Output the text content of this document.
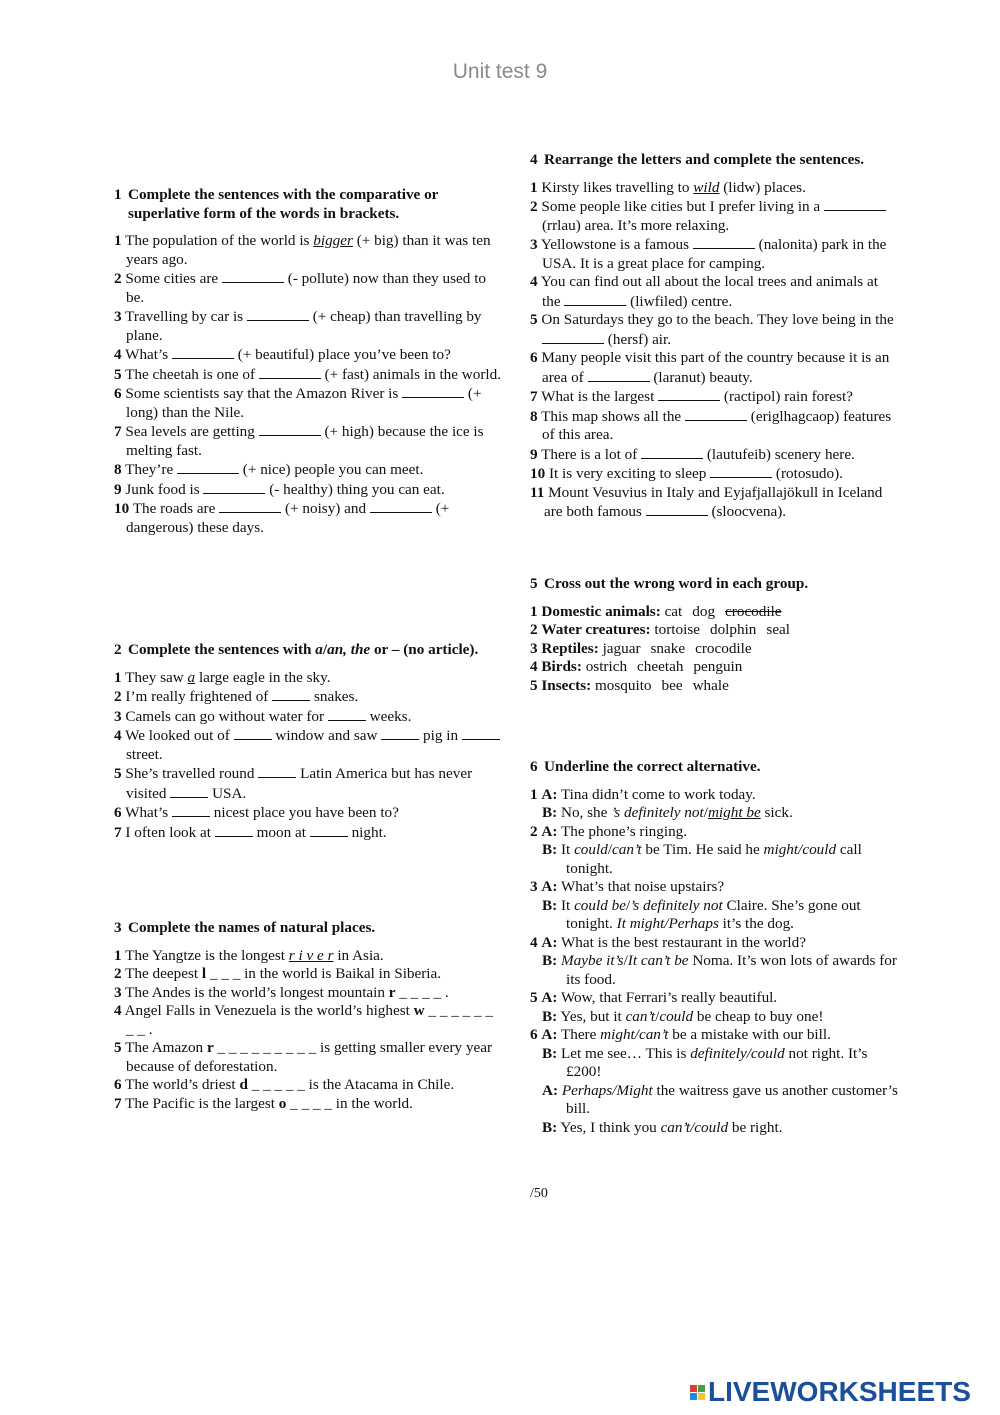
Unit test 9
1 Complete the sentences with the comparative or superlative form of the words in brackets.
1 The population of the world is bigger (+ big) than it was ten years ago.
2 Some cities are	(- pollute) now than they used to be.
3 Travelling by car is	(+ cheap) than travelling by plane.
4 What’s	(+ beautiful) place you’ve been to?
5 The cheetah is one of	(+ fast) animals in the world.
6 Some scientists say that the Amazon River is	(+ long) than the Nile.
7 Sea levels are getting	(+ high) because the ice is melting fast.
8 They’re	(+ nice) people you can meet.
9 Junk food is	(- healthy) thing you can eat.
10 The roads are	(+ noisy) and	(+ dangerous) these days.
2 Complete the sentences with a/an, the or – (no article).
1 They saw a large eagle in the sky.
2 I’m really frightened of	snakes.
3 Camels can go without water for	weeks.
4 We looked out of	window and saw	pig in  street.
5 She’s travelled round	Latin America but has never visited	USA.
6 What’s	nicest place you have been to?
7 I often look at	moon at	night.
3 Complete the names of natural places.
1 The Yangtze is the longest r i v e r in Asia.
2 The deepest l _ _ _ in the world is Baikal in Siberia.
3 The Andes is the world’s longest mountain r _ _ _ _ .
4 Angel Falls in Venezuela is the world’s highest w _ _ _ _ _ _ _ _ .
5 The Amazon r _ _ _ _ _ _ _ _ _ is getting smaller every year because of deforestation.
6 The world’s driest d _ _ _ _ _ is the Atacama in Chile.
7 The Pacific is the largest o _ _ _ _ in the world.
4 Rearrange the letters and complete the sentences.
1 Kirsty likes travelling to wild (lidw) places.
2 Some people like cities but I prefer living in a  (rrlau) area. It’s more relaxing.
3 Yellowstone is a famous	(nalonita) park in the USA. It is a great place for camping.
4 You can find out all about the local trees and animals at the	(liwfiled) centre.
5 On Saturdays they go to the beach. They love being in the  (hersf) air.
6 Many people visit this part of the country because it is an area of	(laranut) beauty.
7 What is the largest	(ractipol) rain forest?
8 This map shows all the	(eriglhagcaop) features of this area.
9 There is a lot of	(lautufeib) scenery here.
10 It is very exciting to sleep	(rotosudo).
11 Mount Vesuvius in Italy and Eyjafjallajökull in Iceland are both famous	(sloocvena).
5 Cross out the wrong word in each group.
1 Domestic animals: cat dog crocodile
2 Water creatures: tortoise dolphin seal
3 Reptiles: jaguar snake crocodile
4 Birds: ostrich cheetah penguin
5 Insects: mosquito bee whale
6 Underline the correct alternative.
1 A: Tina didn’t come to work today.
B: No, she ’s definitely not/might be sick.
2 A: The phone’s ringing.
B: It could/can’t be Tim. He said he might/could call tonight.
3 A: What’s that noise upstairs?
B: It could be/’s definitely not Claire. She’s gone out tonight. It might/Perhaps it’s the dog.
4 A: What is the best restaurant in the world?
B: Maybe it’s/It can’t be Noma. It’s won lots of awards for its food.
5 A: Wow, that Ferrari’s really beautiful.
B: Yes, but it can’t/could be cheap to buy one!
6 A: There might/can’t be a mistake with our bill.
B: Let me see… This is definitely/could not right. It’s £200!
A: Perhaps/Might the waitress gave us another customer’s bill.
B: Yes, I think you can’t/could be right.
/50
LIVEWORKSHEETS
